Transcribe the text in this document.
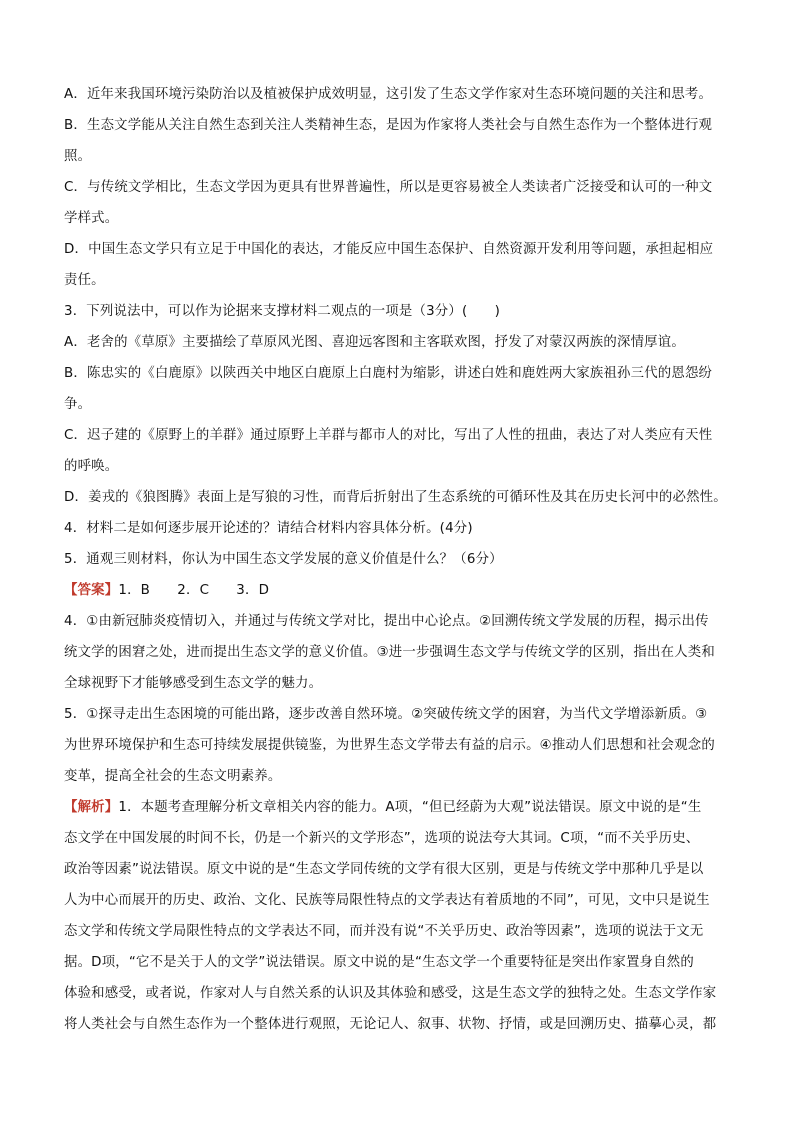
A．近年来我国环境污染防治以及植被保护成效明显，这引发了生态文学作家对生态环境问题的关注和思考。

B．生态文学能从关注自然生态到关注人类精神生态，是因为作家将人类社会与自然生态作为一个整体进行观

照。

C．与传统文学相比，生态文学因为更具有世界普遍性，所以是更容易被全人类读者广泛接受和认可的一种文

学样式。

D．中国生态文学只有立足于中国化的表达，才能反应中国生态保护、自然资源开发利用等问题，承担起相应

责任。

3．下列说法中，可以作为论据来支撑材料二观点的一项是（3分）(　　)

A．老舍的《草原》主要描绘了草原风光图、喜迎远客图和主客联欢图，抒发了对蒙汉两族的深情厚谊。

B．陈忠实的《白鹿原》以陕西关中地区白鹿原上白鹿村为缩影，讲述白姓和鹿姓两大家族祖孙三代的恩怨纷

争。

C．迟子建的《原野上的羊群》通过原野上羊群与都市人的对比，写出了人性的扭曲，表达了对人类应有天性

的呼唤。

D．姜戎的《狼图腾》表面上是写狼的习性，而背后折射出了生态系统的可循环性及其在历史长河中的必然性。

4．材料二是如何逐步展开论述的？请结合材料内容具体分析。(4分)

5．通观三则材料，你认为中国生态文学发展的意义价值是什么？（6分）

【答案】1．B　　2．C　　3．D

4．①由新冠肺炎疫情切入，并通过与传统文学对比，提出中心论点。②回溯传统文学发展的历程，揭示出传

统文学的困窘之处，进而提出生态文学的意义价值。③进一步强调生态文学与传统文学的区别，指出在人类和

全球视野下才能够感受到生态文学的魅力。

5．①探寻走出生态困境的可能出路，逐步改善自然环境。②突破传统文学的困窘，为当代文学增添新质。③

为世界环境保护和生态可持续发展提供镜鉴，为世界生态文学带去有益的启示。④推动人们思想和社会观念的

变革，提高全社会的生态文明素养。

【解析】1．本题考查理解分析文章相关内容的能力。A项，“但已经蔚为大观”说法错误。原文中说的是“生

态文学在中国发展的时间不长，仍是一个新兴的文学形态”，选项的说法夸大其词。C项，“而不关乎历史、

政治等因素”说法错误。原文中说的是“生态文学同传统的文学有很大区别，更是与传统文学中那种几乎是以

人为中心而展开的历史、政治、文化、民族等局限性特点的文学表达有着质地的不同”，可见，文中只是说生

态文学和传统文学局限性特点的文学表达不同，而并没有说“不关乎历史、政治等因素”，选项的说法于文无

据。D项，“它不是关于人的文学”说法错误。原文中说的是“生态文学一个重要特征是突出作家置身自然的

体验和感受，或者说，作家对人与自然关系的认识及其体验和感受，这是生态文学的独特之处。生态文学作家

将人类社会与自然生态作为一个整体进行观照，无论记人、叙事、状物、抒情，或是回溯历史、描摹心灵，都
